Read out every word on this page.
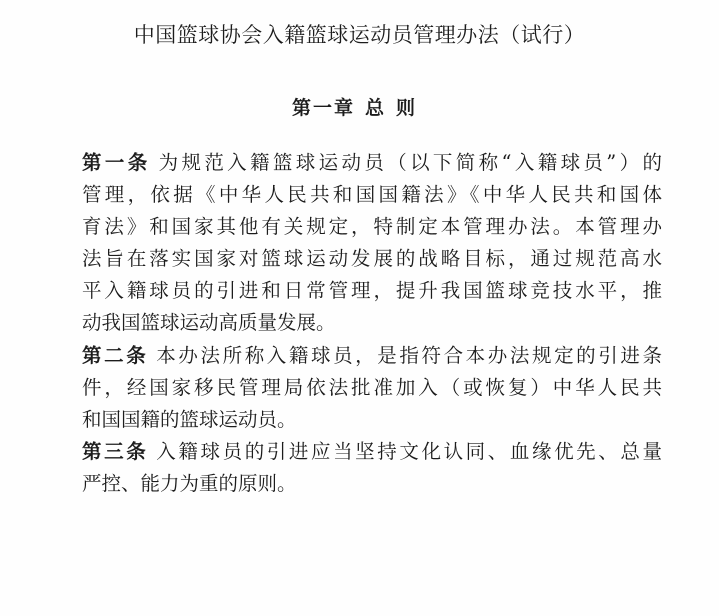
中国篮球协会入籍篮球运动员管理办法（试行）
第一章 总则
第一条 为规范入籍篮球运动员（以下简称“入籍球员”）的
管理，依据《中华人民共和国国籍法》《中华人民共和国体
育法》和国家其他有关规定，特制定本管理办法。本管理办
法旨在落实国家对篮球运动发展的战略目标，通过规范高水
平入籍球员的引进和日常管理，提升我国篮球竞技水平，推
动我国篮球运动高质量发展。
第二条 本办法所称入籍球员，是指符合本办法规定的引进条
件，经国家移民管理局依法批准加入（或恢复）中华人民共
和国国籍的篮球运动员。
第三条 入籍球员的引进应当坚持文化认同、血缘优先、总量
严控、能力为重的原则。
